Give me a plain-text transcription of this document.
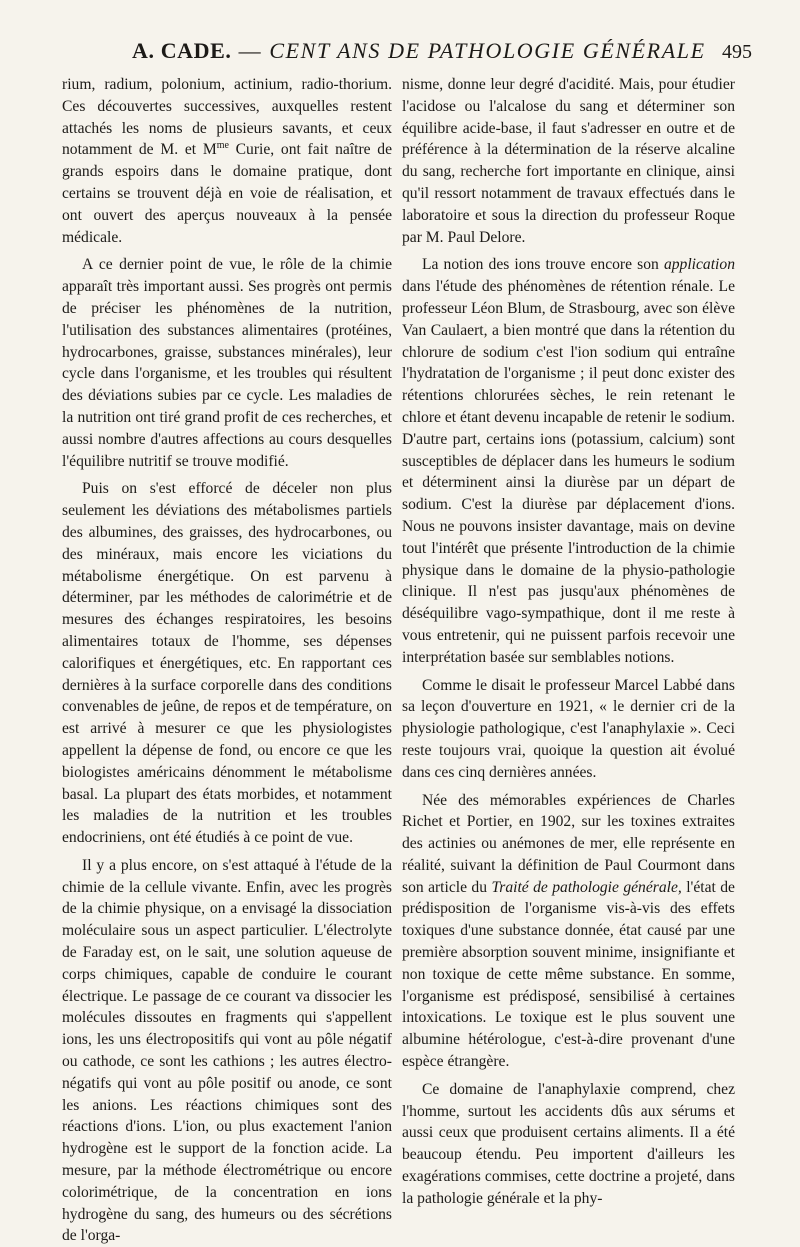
A. CADE. — CENT ANS DE PATHOLOGIE GÉNÉRALE 495

rium, radium, polonium, actinium, radio-thorium. Ces découvertes successives, auxquelles restent attachés les noms de plusieurs savants, et ceux notamment de M. et $M^{me}$ Curie, ont fait naître de grands espoirs dans le domaine pratique, dont certains se trouvent déjà en voie de réalisation, et ont ouvert des aperçus nouveaux à la pensée médicale.

A ce dernier point de vue, le rôle de la chimie apparaît très important aussi. Ses progrès ont permis de préciser les phénomènes de la nutrition, l'utilisation des substances alimentaires (protéines, hydrocarbones, graisse, substances minérales), leur cycle dans l'organisme, et les troubles qui résultent des déviations subies par ce cycle. Les maladies de la nutrition ont tiré grand profit de ces recherches, et aussi nombre d'autres affections au cours desquelles l'équilibre nutritif se trouve modifié.

Puis on s'est efforcé de déceler non plus seulement les déviations des métabolismes partiels des albumines, des graisses, des hydrocarbones, ou des minéraux, mais encore les viciations du métabolisme énergétique. On est parvenu à déterminer, par les méthodes de calorimétrie et de mesures des échanges respiratoires, les besoins alimentaires totaux de l'homme, ses dépenses calorifiques et énergétiques, etc. En rapportant ces dernières à la surface corporelle dans des conditions convenables de jeûne, de repos et de température, on est arrivé à mesurer ce que les physiologistes appellent la dépense de fond, ou encore ce que les biologistes américains dénomment le métabolisme basal. La plupart des états morbides, et notamment les maladies de la nutrition et les troubles endocriniens, ont été étudiés à ce point de vue.

Il y a plus encore, on s'est attaqué à l'étude de la chimie de la cellule vivante. Enfin, avec les progrès de la chimie physique, on a envisagé la dissociation moléculaire sous un aspect particulier. L'électrolyte de Faraday est, on le sait, une solution aqueuse de corps chimiques, capable de conduire le courant électrique. Le passage de ce courant va dissocier les molécules dissoutes en fragments qui s'appellent ions, les uns électropositifs qui vont au pôle négatif ou cathode, ce sont les cathions ; les autres électro-négatifs qui vont au pôle positif ou anode, ce sont les anions. Les réactions chimiques sont des réactions d'ions. L'ion, ou plus exactement l'anion hydrogène est le support de la fonction acide. La mesure, par la méthode électrométrique ou encore colorimétrique, de la concentration en ions hydrogène du sang, des humeurs ou des sécrétions de l'orga-

nisme, donne leur degré d'acidité. Mais, pour étudier l'acidose ou l'alcalose du sang et déterminer son équilibre acide-base, il faut s'adresser en outre et de préférence à la détermination de la réserve alcaline du sang, recherche fort importante en clinique, ainsi qu'il ressort notamment de travaux effectués dans le laboratoire et sous la direction du professeur Roque par M. Paul Delore.

La notion des ions trouve encore son application dans l'étude des phénomènes de rétention rénale. Le professeur Léon Blum, de Strasbourg, avec son élève Van Caulaert, a bien montré que dans la rétention du chlorure de sodium c'est l'ion sodium qui entraîne l'hydratation de l'organisme ; il peut donc exister des rétentions chlorurées sèches, le rein retenant le chlore et étant devenu incapable de retenir le sodium. D'autre part, certains ions (potassium, calcium) sont susceptibles de déplacer dans les humeurs le sodium et déterminent ainsi la diurèse par un départ de sodium. C'est la diurèse par déplacement d'ions. Nous ne pouvons insister davantage, mais on devine tout l'intérêt que présente l'introduction de la chimie physique dans le domaine de la physio-pathologie clinique. Il n'est pas jusqu'aux phénomènes de déséquilibre vago-sympathique, dont il me reste à vous entretenir, qui ne puissent parfois recevoir une interprétation basée sur semblables notions.

Comme le disait le professeur Marcel Labbé dans sa leçon d'ouverture en 1921, « le dernier cri de la physiologie pathologique, c'est l'anaphylaxie ». Ceci reste toujours vrai, quoique la question ait évolué dans ces cinq dernières années.

Née des mémorables expériences de Charles Richet et Portier, en 1902, sur les toxines extraites des actinies ou anémones de mer, elle représente en réalité, suivant la définition de Paul Courmont dans son article du Traité de pathologie générale, l'état de prédisposition de l'organisme vis-à-vis des effets toxiques d'une substance donnée, état causé par une première absorption souvent minime, insignifiante et non toxique de cette même substance. En somme, l'organisme est prédisposé, sensibilisé à certaines intoxications. Le toxique est le plus souvent une albumine hétérologue, c'est-à-dire provenant d'une espèce étrangère.

Ce domaine de l'anaphylaxie comprend, chez l'homme, surtout les accidents dûs aux sérums et aussi ceux que produisent certains aliments. Il a été beaucoup étendu. Peu importent d'ailleurs les exagérations commises, cette doctrine a projeté, dans la pathologie générale et la phy-
